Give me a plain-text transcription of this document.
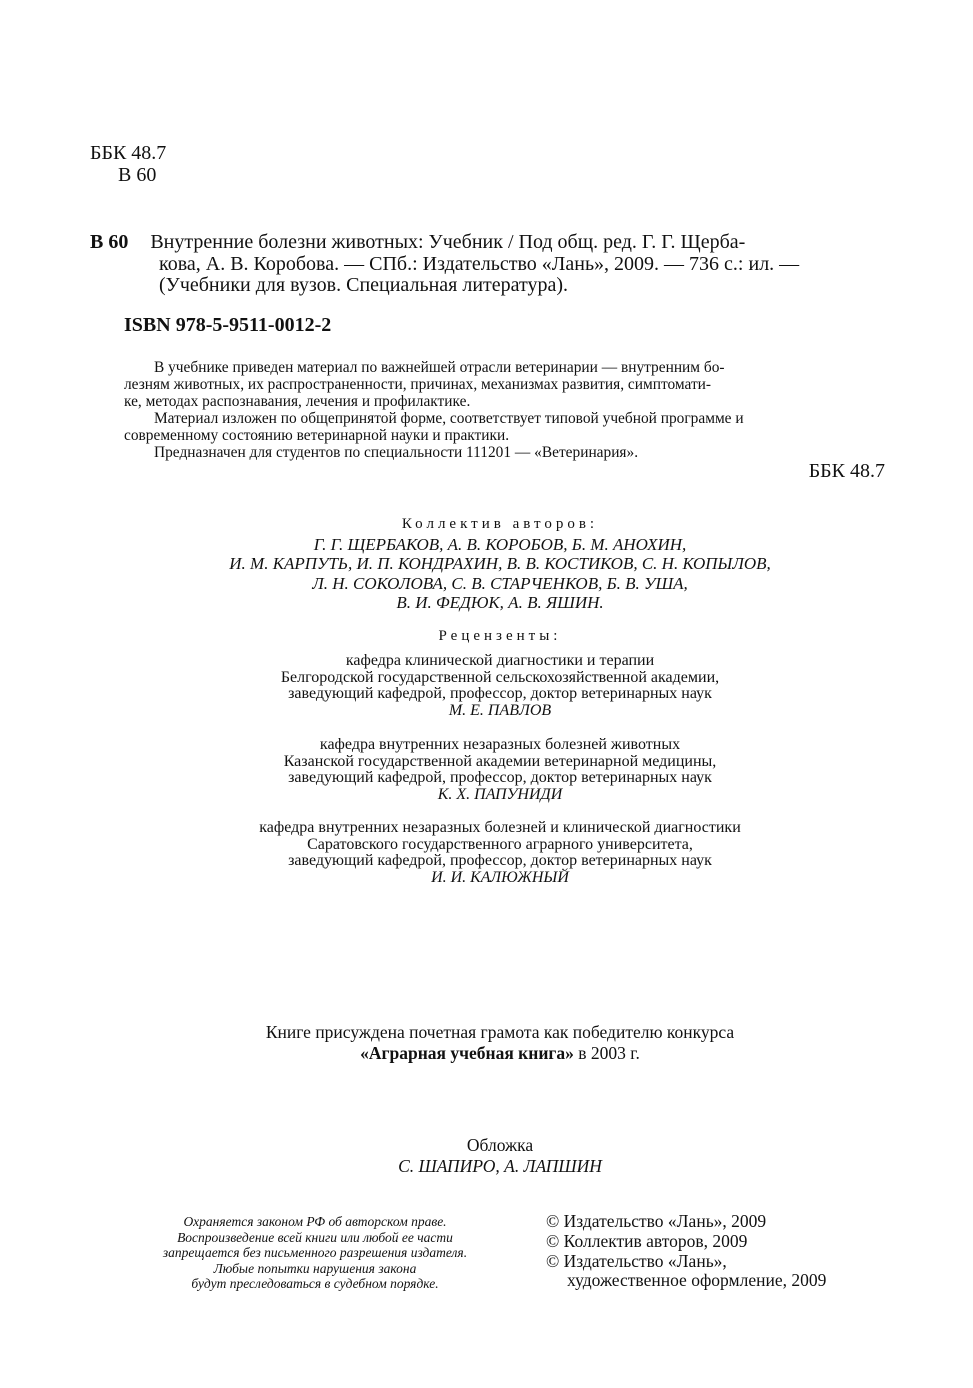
ББК 48.7
В 60
В 60 Внутренние болезни животных: Учебник / Под общ. ред. Г. Г. Щерба-
кова, А. В. Коробова. — СПб.: Издательство «Лань», 2009. — 736 с.: ил. —
(Учебники для вузов. Специальная литература).
ISBN 978-5-9511-0012-2
В учебнике приведен материал по важнейшей отрасли ветеринарии — внутренним бо-
лезням животных, их распространенности, причинах, механизмах развития, симптомати-
ке, методах распознавания, лечения и профилактике.
Материал изложен по общепринятой форме, соответствует типовой учебной программе и
современному состоянию ветеринарной науки и практики.
Предназначен для студентов по специальности 111201 — «Ветеринария».
ББК 48.7
Коллектив авторов:
Г. Г. ЩЕРБАКОВ, А. В. КОРОБОВ, Б. М. АНОХИН,
И. М. КАРПУТЬ, И. П. КОНДРАХИН, В. В. КОСТИКОВ, С. Н. КОПЫЛОВ,
Л. Н. СОКОЛОВА, С. В. СТАРЧЕНКОВ, Б. В. УША,
В. И. ФЕДЮК, А. В. ЯШИН.
Рецензенты:
кафедра клинической диагностики и терапии
Белгородской государственной сельскохозяйственной академии,
заведующий кафедрой, профессор, доктор ветеринарных наук
М. Е. ПАВЛОВ
кафедра внутренних незаразных болезней животных
Казанской государственной академии ветеринарной медицины,
заведующий кафедрой, профессор, доктор ветеринарных наук
К. Х. ПАПУНИДИ
кафедра внутренних незаразных болезней и клинической диагностики
Саратовского государственного аграрного университета,
заведующий кафедрой, профессор, доктор ветеринарных наук
И. И. КАЛЮЖНЫЙ
Книге присуждена почетная грамота как победителю конкурса
«Аграрная учебная книга» в 2003 г.
Обложка
С. ШАПИРО, А. ЛАПШИН
Охраняется законом РФ об авторском праве.
Воспроизведение всей книги или любой ее части
запрещается без письменного разрешения издателя.
Любые попытки нарушения закона
будут преследоваться в судебном порядке.
© Издательство «Лань», 2009
© Коллектив авторов, 2009
© Издательство «Лань»,
художественное оформление, 2009
